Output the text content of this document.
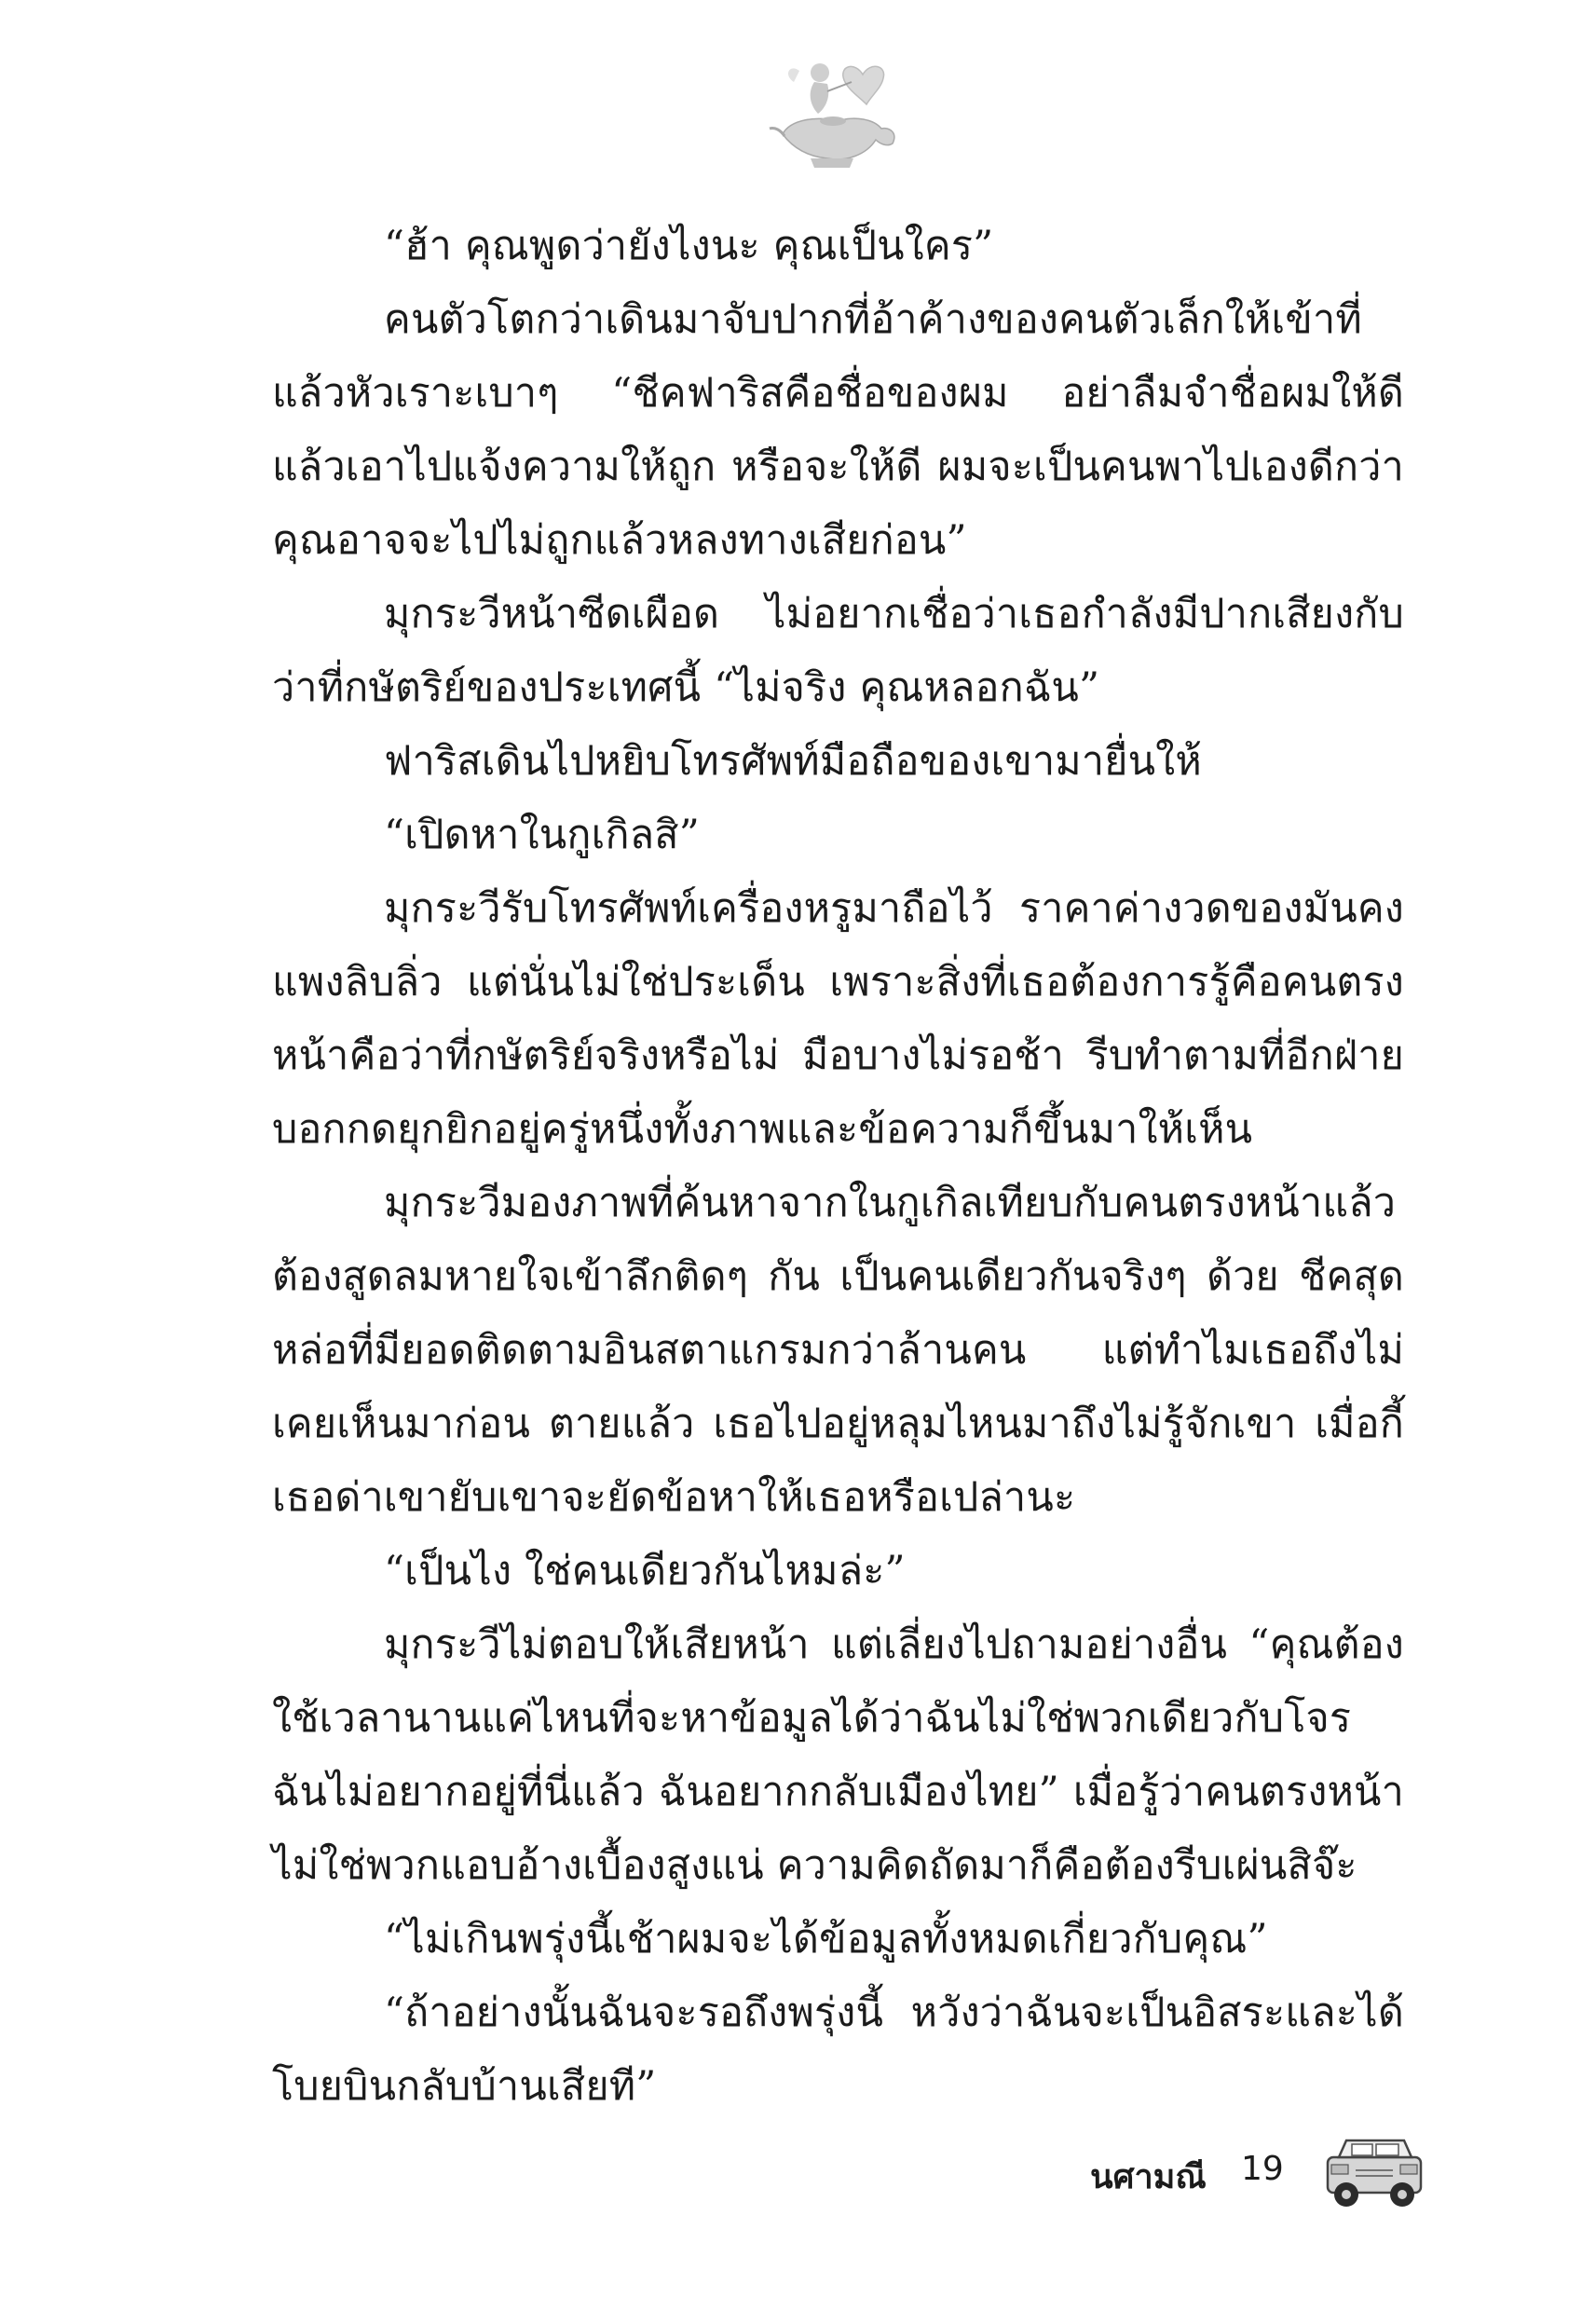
“ฮ้า คุณพูดว่ายังไงนะ คุณเป็นใคร”

คนตัวโตกว่าเดินมาจับปากที่อ้าค้างของคนตัวเล็กให้เข้าที่ แล้วหัวเราะเบาๆ “ชีคฟาริสคือชื่อของผม อย่าลืมจำชื่อผมให้ดี แล้วเอาไปแจ้งความให้ถูก หรือจะให้ดี ผมจะเป็นคนพาไปเองดีกว่า คุณอาจจะไปไม่ถูกแล้วหลงทางเสียก่อน”

มุกระวีหน้าซีดเผือด ไม่อยากเชื่อว่าเธอกำลังมีปากเสียงกับว่าที่กษัตริย์ของประเทศนี้ “ไม่จริง คุณหลอกฉัน”

ฟาริสเดินไปหยิบโทรศัพท์มือถือของเขามายื่นให้

“เปิดหาในกูเกิลสิ”

มุกระวีรับโทรศัพท์เครื่องหรูมาถือไว้ ราคาค่างวดของมันคงแพงลิบลิ่ว แต่นั่นไม่ใช่ประเด็น เพราะสิ่งที่เธอต้องการรู้คือคนตรงหน้าคือว่าที่กษัตริย์จริงหรือไม่ มือบางไม่รอช้า รีบทำตามที่อีกฝ่ายบอกกดยุกยิกอยู่ครู่หนึ่งทั้งภาพและข้อความก็ขึ้นมาให้เห็น

มุกระวีมองภาพที่ค้นหาจากในกูเกิลเทียบกับคนตรงหน้าแล้วต้องสูดลมหายใจเข้าลึกติดๆ กัน เป็นคนเดียวกันจริงๆ ด้วย ชีคสุดหล่อที่มียอดติดตามอินสตาแกรมกว่าล้านคน แต่ทำไมเธอถึงไม่เคยเห็นมาก่อน ตายแล้ว เธอไปอยู่หลุมไหนมาถึงไม่รู้จักเขา เมื่อกี้เธอด่าเขายับเขาจะยัดข้อหาให้เธอหรือเปล่านะ

“เป็นไง ใช่คนเดียวกันไหมล่ะ”

มุกระวีไม่ตอบให้เสียหน้า แต่เลี่ยงไปถามอย่างอื่น “คุณต้องใช้เวลานานแค่ไหนที่จะหาข้อมูลได้ว่าฉันไม่ใช่พวกเดียวกับโจร ฉันไม่อยากอยู่ที่นี่แล้ว ฉันอยากกลับเมืองไทย” เมื่อรู้ว่าคนตรงหน้าไม่ใช่พวกแอบอ้างเบื้องสูงแน่ ความคิดถัดมาก็คือต้องรีบเผ่นสิจ๊ะ

“ไม่เกินพรุ่งนี้เช้าผมจะได้ข้อมูลทั้งหมดเกี่ยวกับคุณ”

“ถ้าอย่างนั้นฉันจะรอถึงพรุ่งนี้ หวังว่าฉันจะเป็นอิสระและได้โบยบินกลับบ้านเสียที”

นศามณี 19
